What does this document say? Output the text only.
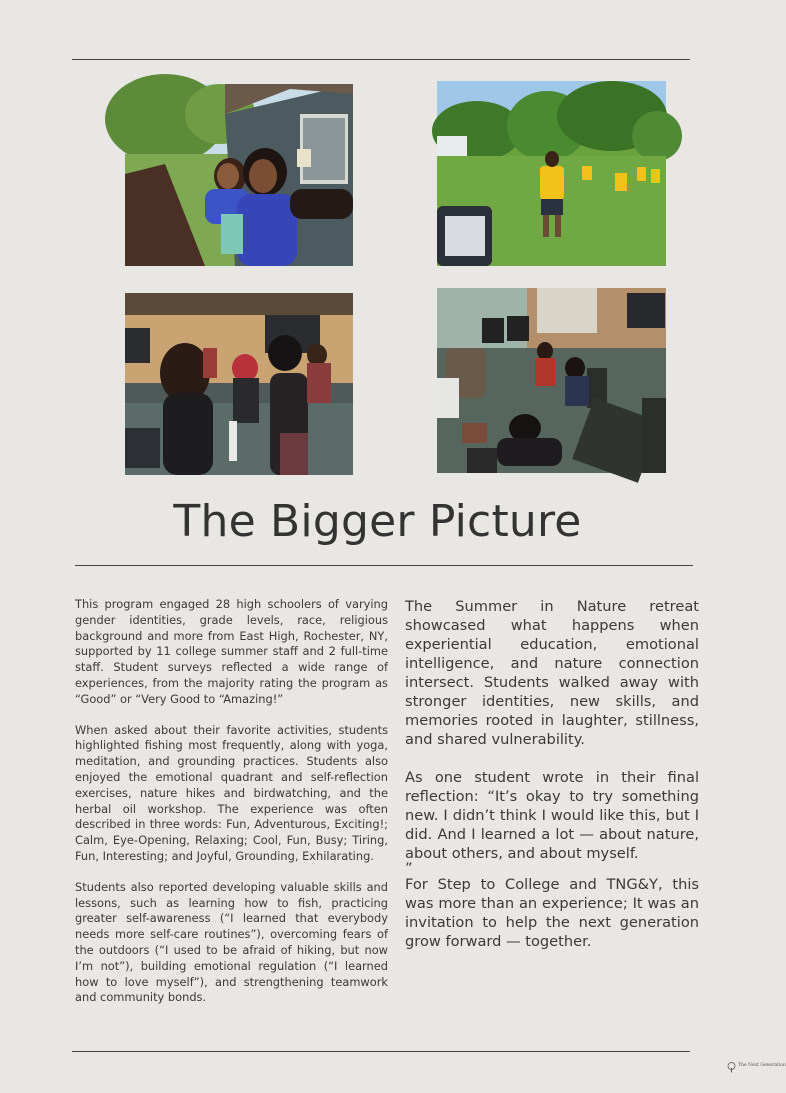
The Bigger Picture

This program engaged 28 high schoolers of varying gender identities, grade levels, race, religious background and more from East High, Rochester, NY, supported by 11 college summer staff and 2 full-time staff. Student surveys reflected a wide range of experiences, from the majority rating the program as “Good” or “Very Good to “Amazing!”

When asked about their favorite activities, students highlighted fishing most frequently, along with yoga, meditation, and grounding practices. Students also enjoyed the emotional quadrant and self-reflection exercises, nature hikes and birdwatching, and the herbal oil workshop. The experience was often described in three words: Fun, Adventurous, Exciting!; Calm, Eye-Opening, Relaxing; Cool, Fun, Busy; Tiring, Fun, Interesting; and Joyful, Grounding, Exhilarating.

Students also reported developing valuable skills and lessons, such as learning how to fish, practicing greater self-awareness (“I learned that everybody needs more self-care routines”), overcoming fears of the outdoors (“I used to be afraid of hiking, but now I’m not”), building emotional regulation (“I learned how to love myself”), and strengthening teamwork and community bonds.

The Summer in Nature retreat showcased what happens when experiential education, emotional intelligence, and nature connection intersect. Students walked away with stronger identities, new skills, and memories rooted in laughter, stillness, and shared vulnerability.

As one student wrote in their final reflection: “It’s okay to try something new. I didn’t think I would like this, but I did. And I learned a lot — about nature, about others, and about myself.

”

For Step to College and TNG&Y, this was more than an experience; It was an invitation to help the next generation grow forward — together.

The Next Generation
